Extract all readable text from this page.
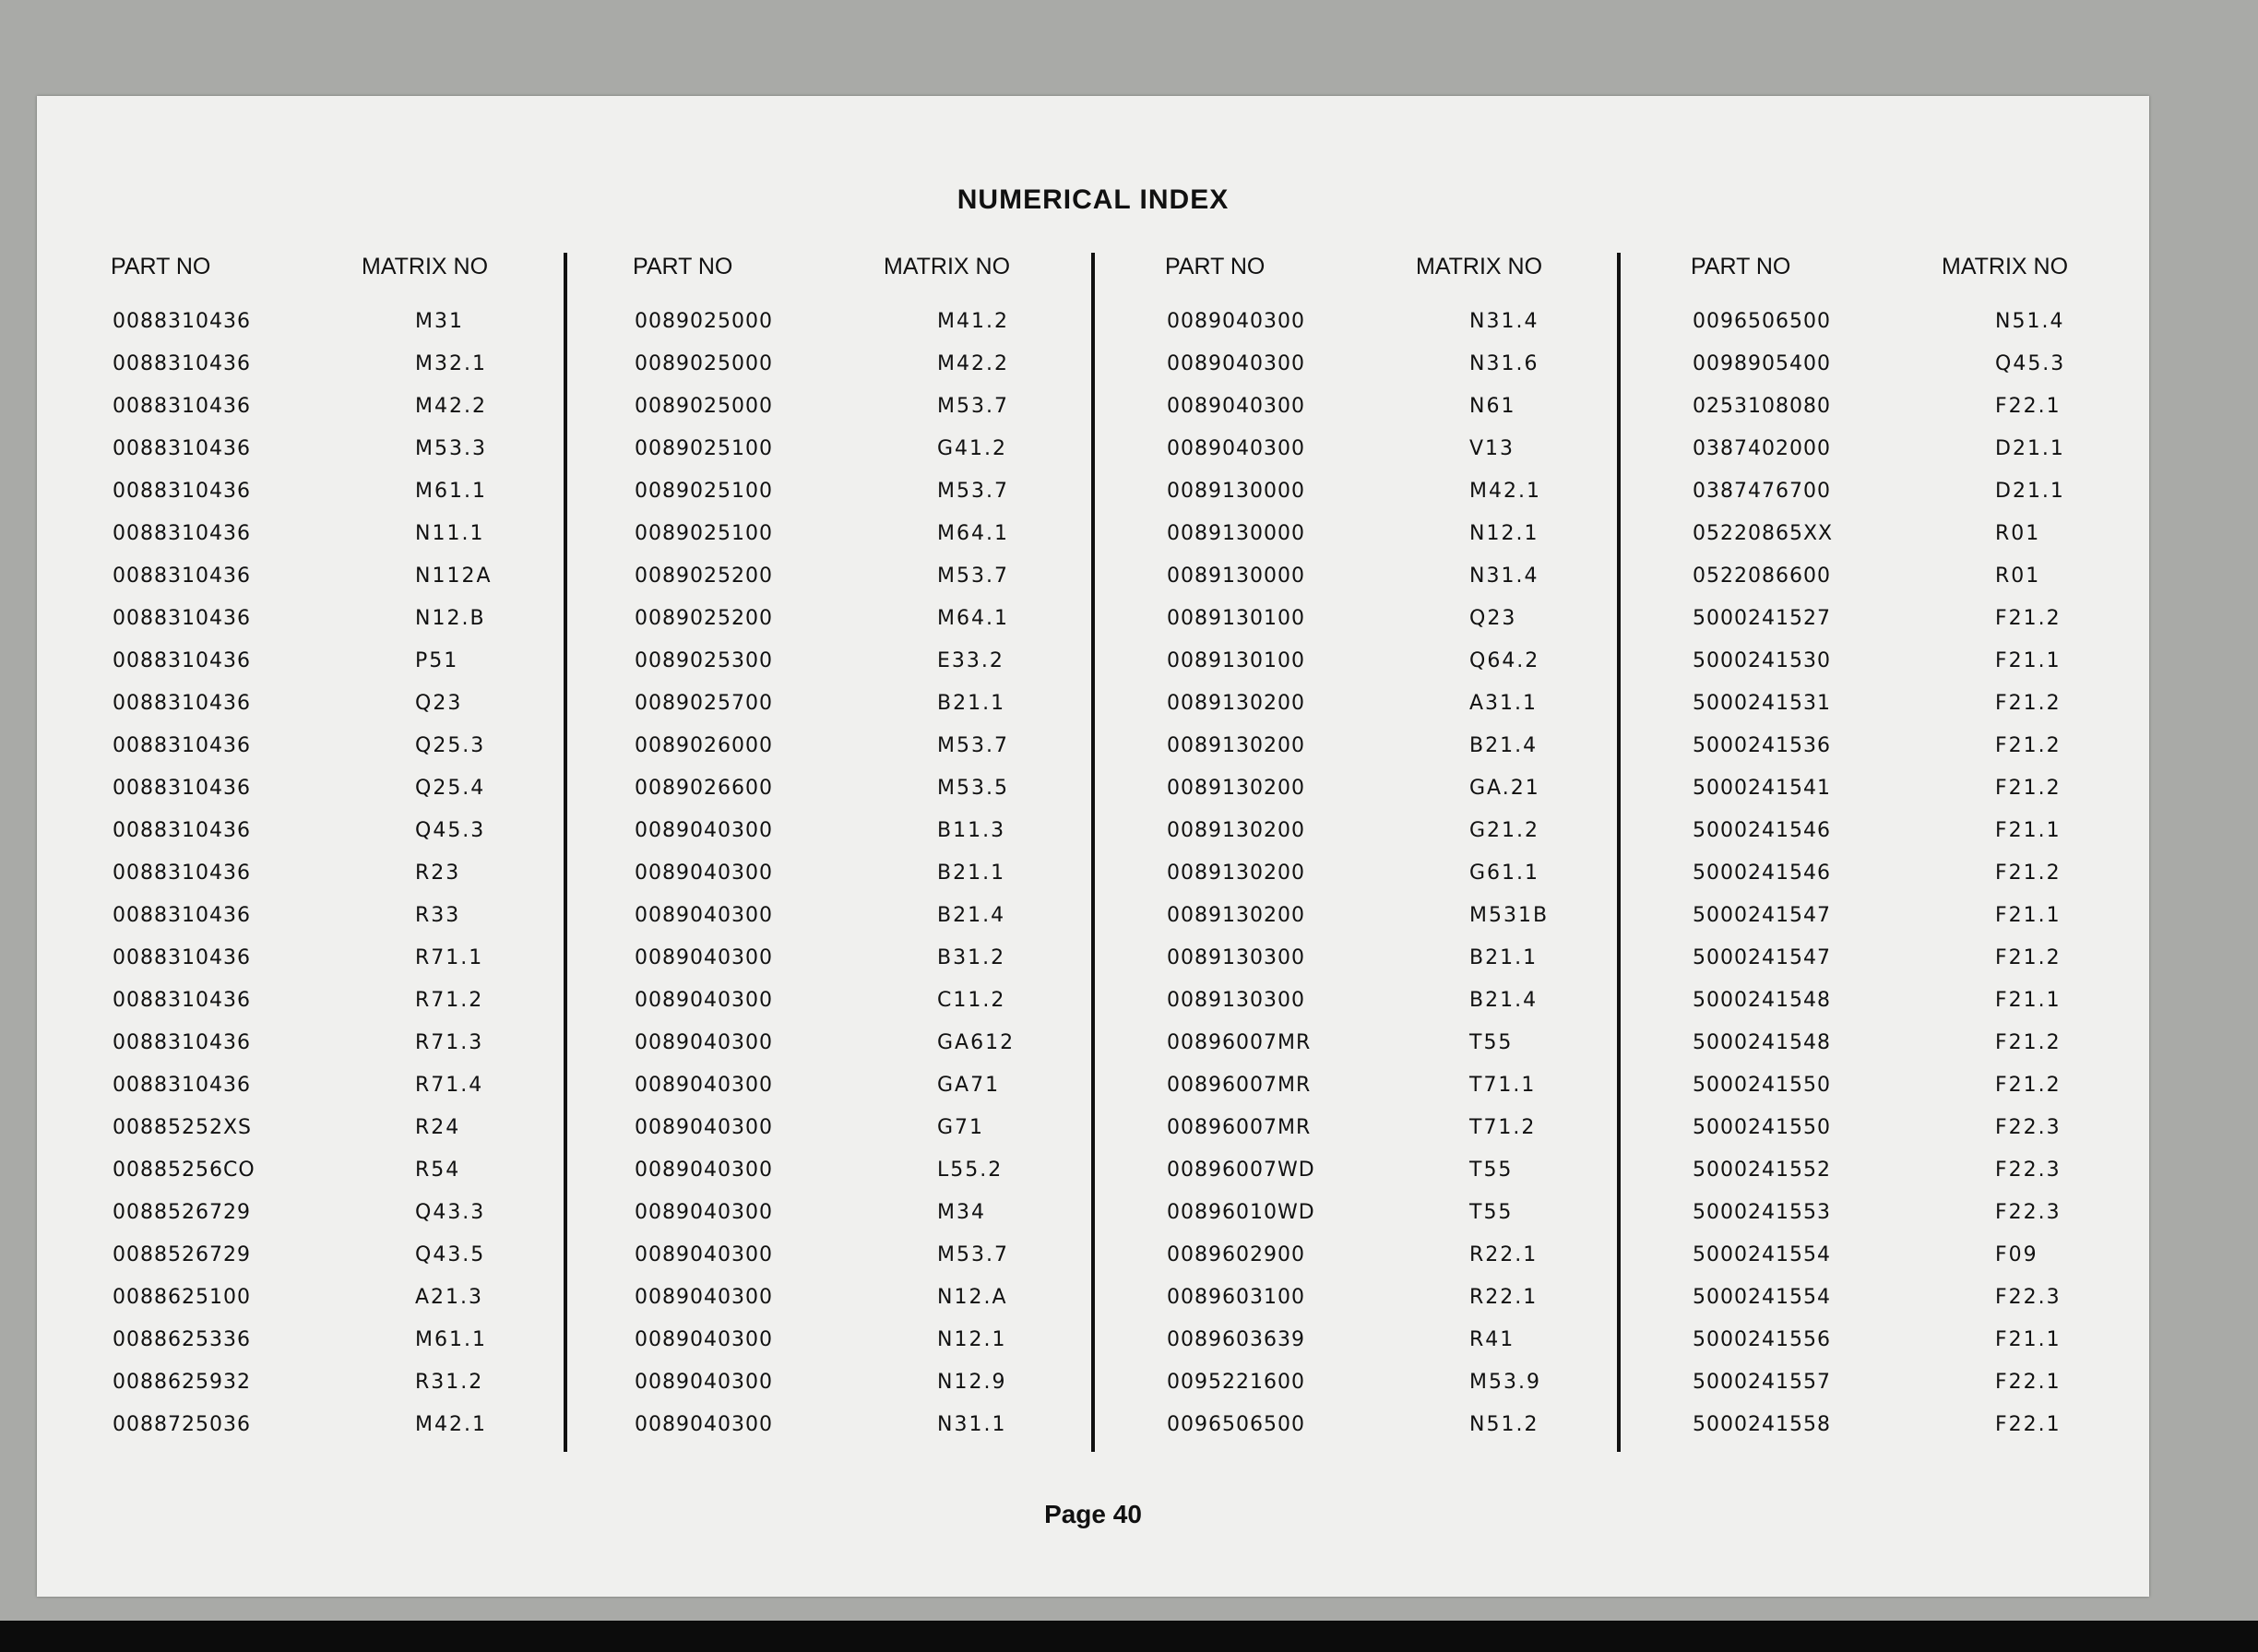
NUMERICAL INDEX
PART NO	MATRIX NO
0088310436	M31
0088310436	M32.1
0088310436	M42.2
0088310436	M53.3
0088310436	M61.1
0088310436	N11.1
0088310436	N112A
0088310436	N12.B
0088310436	P51
0088310436	Q23
0088310436	Q25.3
0088310436	Q25.4
0088310436	Q45.3
0088310436	R23
0088310436	R33
0088310436	R71.1
0088310436	R71.2
0088310436	R71.3
0088310436	R71.4
00885252XS	R24
00885256CO	R54
0088526729	Q43.3
0088526729	Q43.5
0088625100	A21.3
0088625336	M61.1
0088625932	R31.2
0088725036	M42.1
PART NO	MATRIX NO
0089025000	M41.2
0089025000	M42.2
0089025000	M53.7
0089025100	G41.2
0089025100	M53.7
0089025100	M64.1
0089025200	M53.7
0089025200	M64.1
0089025300	E33.2
0089025700	B21.1
0089026000	M53.7
0089026600	M53.5
0089040300	B11.3
0089040300	B21.1
0089040300	B21.4
0089040300	B31.2
0089040300	C11.2
0089040300	GA612
0089040300	GA71
0089040300	G71
0089040300	L55.2
0089040300	M34
0089040300	M53.7
0089040300	N12.A
0089040300	N12.1
0089040300	N12.9
0089040300	N31.1
PART NO	MATRIX NO
0089040300	N31.4
0089040300	N31.6
0089040300	N61
0089040300	V13
0089130000	M42.1
0089130000	N12.1
0089130000	N31.4
0089130100	Q23
0089130100	Q64.2
0089130200	A31.1
0089130200	B21.4
0089130200	GA.21
0089130200	G21.2
0089130200	G61.1
0089130200	M531B
0089130300	B21.1
0089130300	B21.4
00896007MR	T55
00896007MR	T71.1
00896007MR	T71.2
00896007WD	T55
00896010WD	T55
0089602900	R22.1
0089603100	R22.1
0089603639	R41
0095221600	M53.9
0096506500	N51.2
PART NO	MATRIX NO
0096506500	N51.4
0098905400	Q45.3
0253108080	F22.1
0387402000	D21.1
0387476700	D21.1
05220865XX	R01
0522086600	R01
5000241527	F21.2
5000241530	F21.1
5000241531	F21.2
5000241536	F21.2
5000241541	F21.2
5000241546	F21.1
5000241546	F21.2
5000241547	F21.1
5000241547	F21.2
5000241548	F21.1
5000241548	F21.2
5000241550	F21.2
5000241550	F22.3
5000241552	F22.3
5000241553	F22.3
5000241554	F09
5000241554	F22.3
5000241556	F21.1
5000241557	F22.1
5000241558	F22.1
Page 40
